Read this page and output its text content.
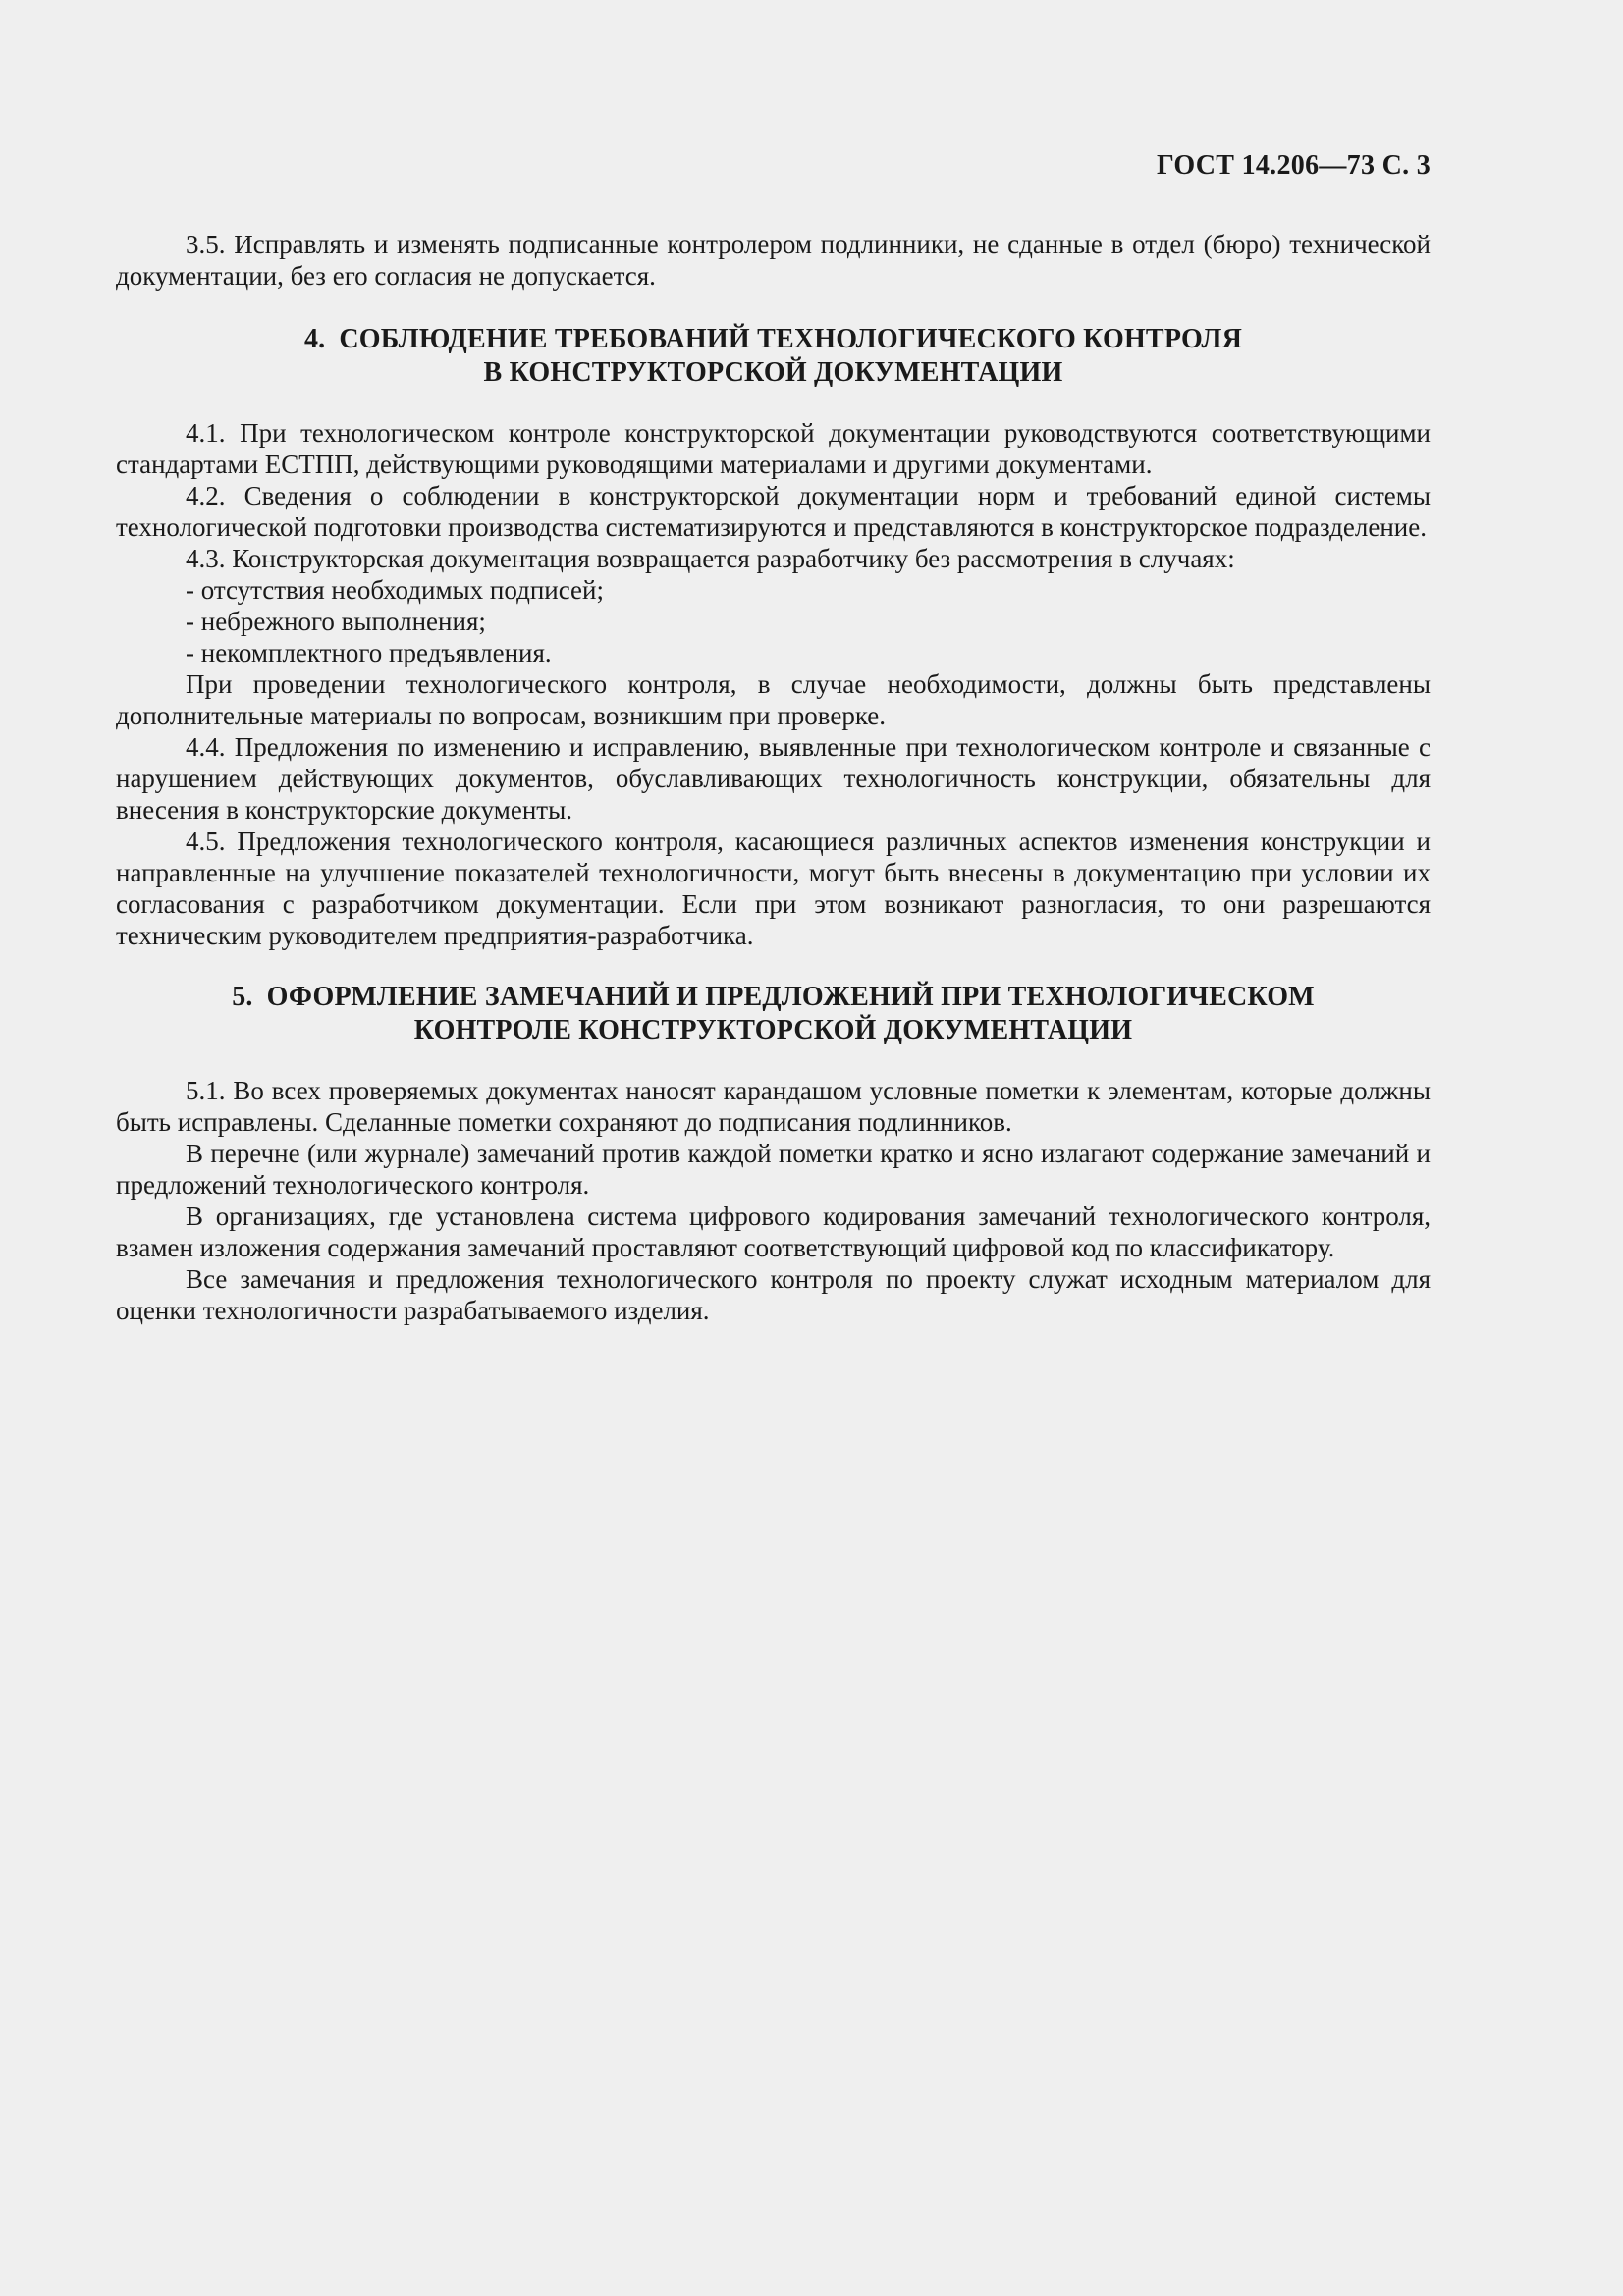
ГОСТ 14.206—73 С. 3

3.5. Исправлять и изменять подписанные контролером подлинники, не сданные в отдел (бюро) технической документации, без его согласия не допускается.

4. СОБЛЮДЕНИЕ ТРЕБОВАНИЙ ТЕХНОЛОГИЧЕСКОГО КОНТРОЛЯ
В КОНСТРУКТОРСКОЙ ДОКУМЕНТАЦИИ

4.1. При технологическом контроле конструкторской документации руководствуются соответствующими стандартами ЕСТПП, действующими руководящими материалами и другими документами.

4.2. Сведения о соблюдении в конструкторской документации норм и требований единой системы технологической подготовки производства систематизируются и представляются в конструкторское подразделение.

4.3. Конструкторская документация возвращается разработчику без рассмотрения в случаях:

- отсутствия необходимых подписей;

- небрежного выполнения;

- некомплектного предъявления.

При проведении технологического контроля, в случае необходимости, должны быть представлены дополнительные материалы по вопросам, возникшим при проверке.

4.4. Предложения по изменению и исправлению, выявленные при технологическом контроле и связанные с нарушением действующих документов, обуславливающих технологичность конструкции, обязательны для внесения в конструкторские документы.

4.5. Предложения технологического контроля, касающиеся различных аспектов изменения конструкции и направленные на улучшение показателей технологичности, могут быть внесены в документацию при условии их согласования с разработчиком документации. Если при этом возникают разногласия, то они разрешаются техническим руководителем предприятия-разработчика.

5. ОФОРМЛЕНИЕ ЗАМЕЧАНИЙ И ПРЕДЛОЖЕНИЙ ПРИ ТЕХНОЛОГИЧЕСКОМ
КОНТРОЛЕ КОНСТРУКТОРСКОЙ ДОКУМЕНТАЦИИ

5.1. Во всех проверяемых документах наносят карандашом условные пометки к элементам, которые должны быть исправлены. Сделанные пометки сохраняют до подписания подлинников.

В перечне (или журнале) замечаний против каждой пометки кратко и ясно излагают содержание замечаний и предложений технологического контроля.

В организациях, где установлена система цифрового кодирования замечаний технологического контроля, взамен изложения содержания замечаний проставляют соответствующий цифровой код по классификатору.

Все замечания и предложения технологического контроля по проекту служат исходным материалом для оценки технологичности разрабатываемого изделия.
